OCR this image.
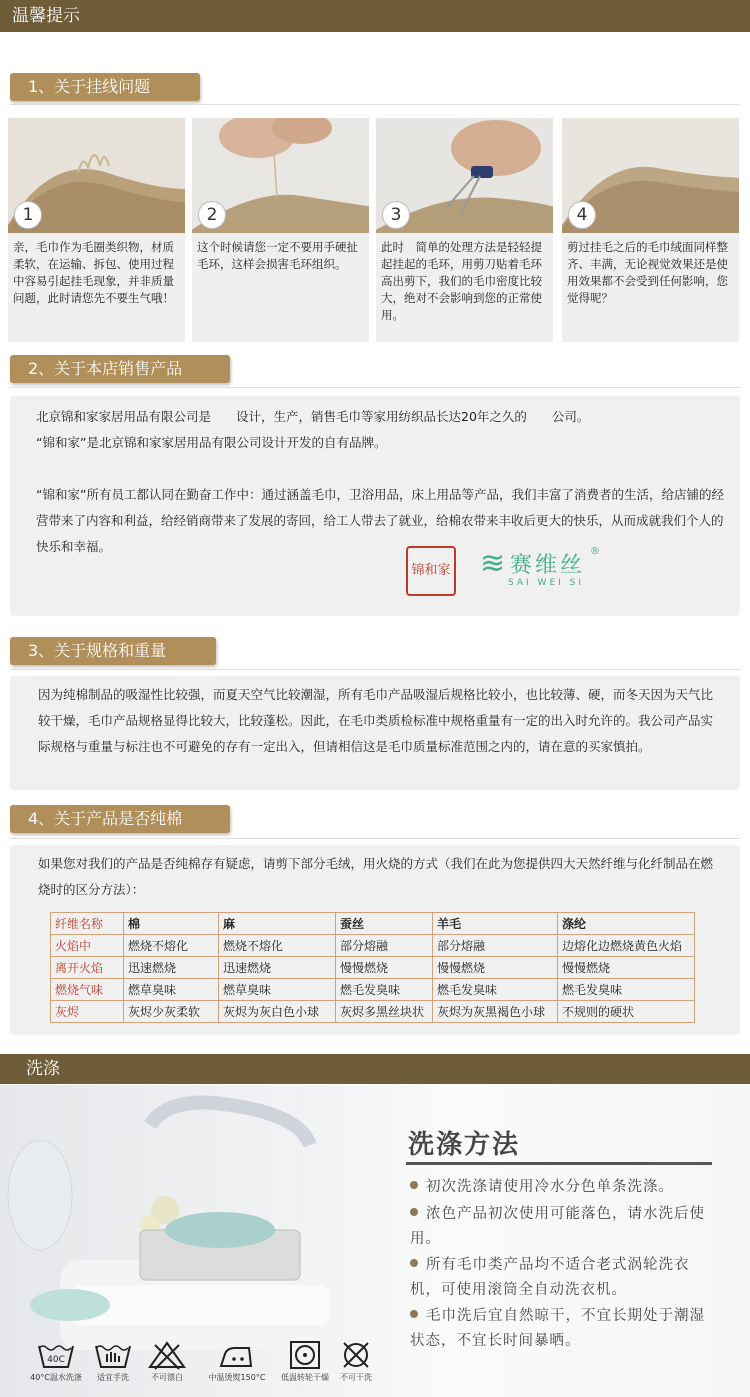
温馨提示
1、关于挂线问题
1
亲，毛巾作为毛圈类织物，材质柔软，在运输、拆包、使用过程中容易引起挂毛现象，并非质量问题，此时请您先不要生气哦！
2
这个时候请您一定不要用手硬扯毛环，这样会损害毛环组织。
3
此时　简单的处理方法是轻轻提起挂起的毛环，用剪刀贴着毛环高出剪下，我们的毛巾密度比较大，绝对不会影响到您的正常使用。
4
剪过挂毛之后的毛巾绒面同样整齐、丰满，无论视觉效果还是使用效果都不会受到任何影响，您觉得呢？
2、关于本店销售产品
北京锦和家家居用品有限公司是　　设计，生产，销售毛巾等家用纺织品长达20年之久的　　公司。
“锦和家”是北京锦和家家居用品有限公司设计开发的自有品牌。
“锦和家”所有员工都认同在勤奋工作中：通过涵盖毛巾，卫浴用品，床上用品等产品，我们丰富了消费者的生活，给店铺的经营带来了内容和利益，给经销商带来了发展的寄回，给工人带去了就业，给棉农带来丰收后更大的快乐，从而成就我们个人的快乐和幸福。
锦和家 ≋ 赛维丝
®
SAI WEI SI
3、关于规格和重量
因为纯棉制品的吸湿性比较强，而夏天空气比较潮湿，所有毛巾产品吸湿后规格比较小，也比较薄、硬，而冬天因为天气比较干燥，毛巾产品规格显得比较大，比较蓬松。因此，在毛巾类质检标准中规格重量有一定的出入时允许的。我公司产品实际规格与重量与标注也不可避免的存有一定出入，但请相信这是毛巾质量标准范围之内的，请在意的买家慎拍。
4、关于产品是否纯棉
如果您对我们的产品是否纯棉存有疑虑，请剪下部分毛绒，用火烧的方式（我们在此为您提供四大天然纤维与化纤制品在燃烧时的区分方法）：
纤维名称	棉	麻	蚕丝	羊毛	涤纶
火焰中	燃烧不熔化	燃烧不熔化	部分熔融	部分熔融	边熔化边燃烧黄色火焰
离开火焰	迅速燃烧	迅速燃烧	慢慢燃烧	慢慢燃烧	慢慢燃烧
燃烧气味	燃草臭味	燃草臭味	燃毛发臭味	燃毛发臭味	燃毛发臭味
灰烬	灰烬少灰柔软	灰烬为灰白色小球	灰烬多黑丝块状	灰烬为灰黑褐色小球	不规则的硬状
洗涤
洗涤方法
初次洗涤请使用冷水分色单条洗涤。
浓色产品初次使用可能落色，请水洗后使用。
所有毛巾类产品均不适合老式涡轮洗衣机，可使用滚筒全自动洗衣机。
毛巾洗后宜自然晾干，不宜长期处于潮湿状态，不宜长时间暴晒。
40C
40°C温水洗涤	适宜手洗	不可漂白	中温烫熨150°C	低温转轮干燥	不可干洗
